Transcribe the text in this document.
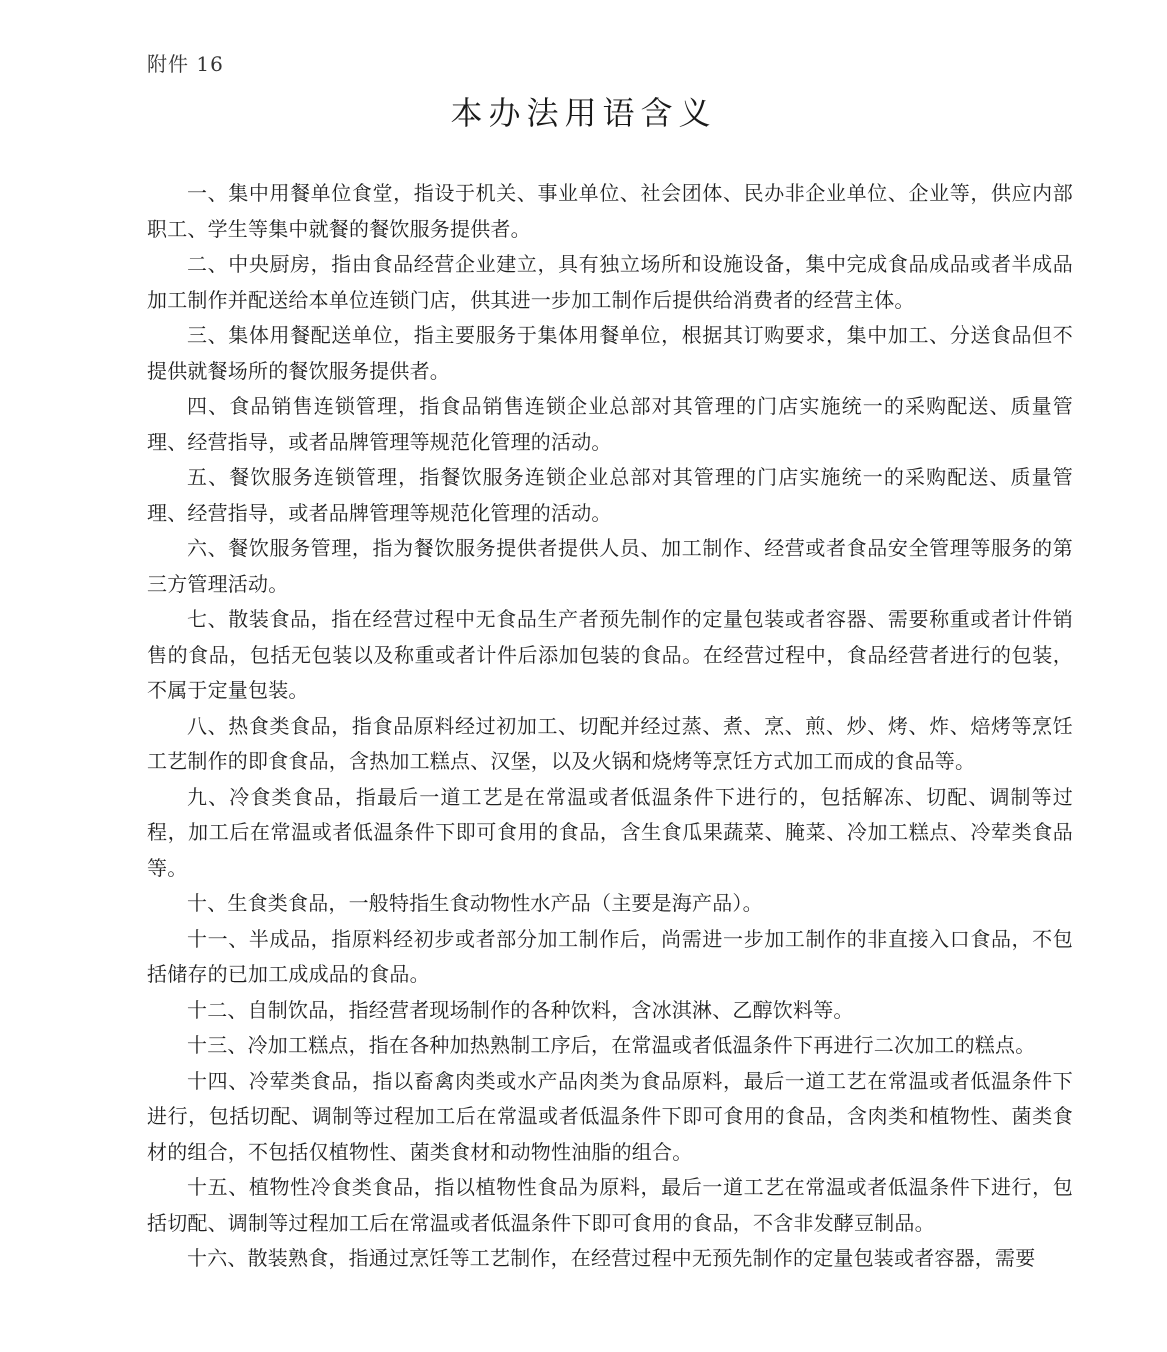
附件 16
本办法用语含义

一、集中用餐单位食堂，指设于机关、事业单位、社会团体、民办非企业单位、企业等，供应内部职工、学生等集中就餐的餐饮服务提供者。

二、中央厨房，指由食品经营企业建立，具有独立场所和设施设备，集中完成食品成品或者半成品加工制作并配送给本单位连锁门店，供其进一步加工制作后提供给消费者的经营主体。

三、集体用餐配送单位，指主要服务于集体用餐单位，根据其订购要求，集中加工、分送食品但不提供就餐场所的餐饮服务提供者。

四、食品销售连锁管理，指食品销售连锁企业总部对其管理的门店实施统一的采购配送、质量管理、经营指导，或者品牌管理等规范化管理的活动。

五、餐饮服务连锁管理，指餐饮服务连锁企业总部对其管理的门店实施统一的采购配送、质量管理、经营指导，或者品牌管理等规范化管理的活动。

六、餐饮服务管理，指为餐饮服务提供者提供人员、加工制作、经营或者食品安全管理等服务的第三方管理活动。

七、散装食品，指在经营过程中无食品生产者预先制作的定量包装或者容器、需要称重或者计件销售的食品，包括无包装以及称重或者计件后添加包装的食品。在经营过程中，食品经营者进行的包装，不属于定量包装。

八、热食类食品，指食品原料经过初加工、切配并经过蒸、煮、烹、煎、炒、烤、炸、焙烤等烹饪工艺制作的即食食品，含热加工糕点、汉堡，以及火锅和烧烤等烹饪方式加工而成的食品等。

九、冷食类食品，指最后一道工艺是在常温或者低温条件下进行的，包括解冻、切配、调制等过程，加工后在常温或者低温条件下即可食用的食品，含生食瓜果蔬菜、腌菜、冷加工糕点、冷荤类食品等。

十、生食类食品，一般特指生食动物性水产品（主要是海产品）。

十一、半成品，指原料经初步或者部分加工制作后，尚需进一步加工制作的非直接入口食品，不包括储存的已加工成成品的食品。

十二、自制饮品，指经营者现场制作的各种饮料，含冰淇淋、乙醇饮料等。

十三、冷加工糕点，指在各种加热熟制工序后，在常温或者低温条件下再进行二次加工的糕点。

十四、冷荤类食品，指以畜禽肉类或水产品肉类为食品原料，最后一道工艺在常温或者低温条件下进行，包括切配、调制等过程加工后在常温或者低温条件下即可食用的食品，含肉类和植物性、菌类食材的组合，不包括仅植物性、菌类食材和动物性油脂的组合。

十五、植物性冷食类食品，指以植物性食品为原料，最后一道工艺在常温或者低温条件下进行，包括切配、调制等过程加工后在常温或者低温条件下即可食用的食品，不含非发酵豆制品。

十六、散装熟食，指通过烹饪等工艺制作，在经营过程中无预先制作的定量包装或者容器，需要
